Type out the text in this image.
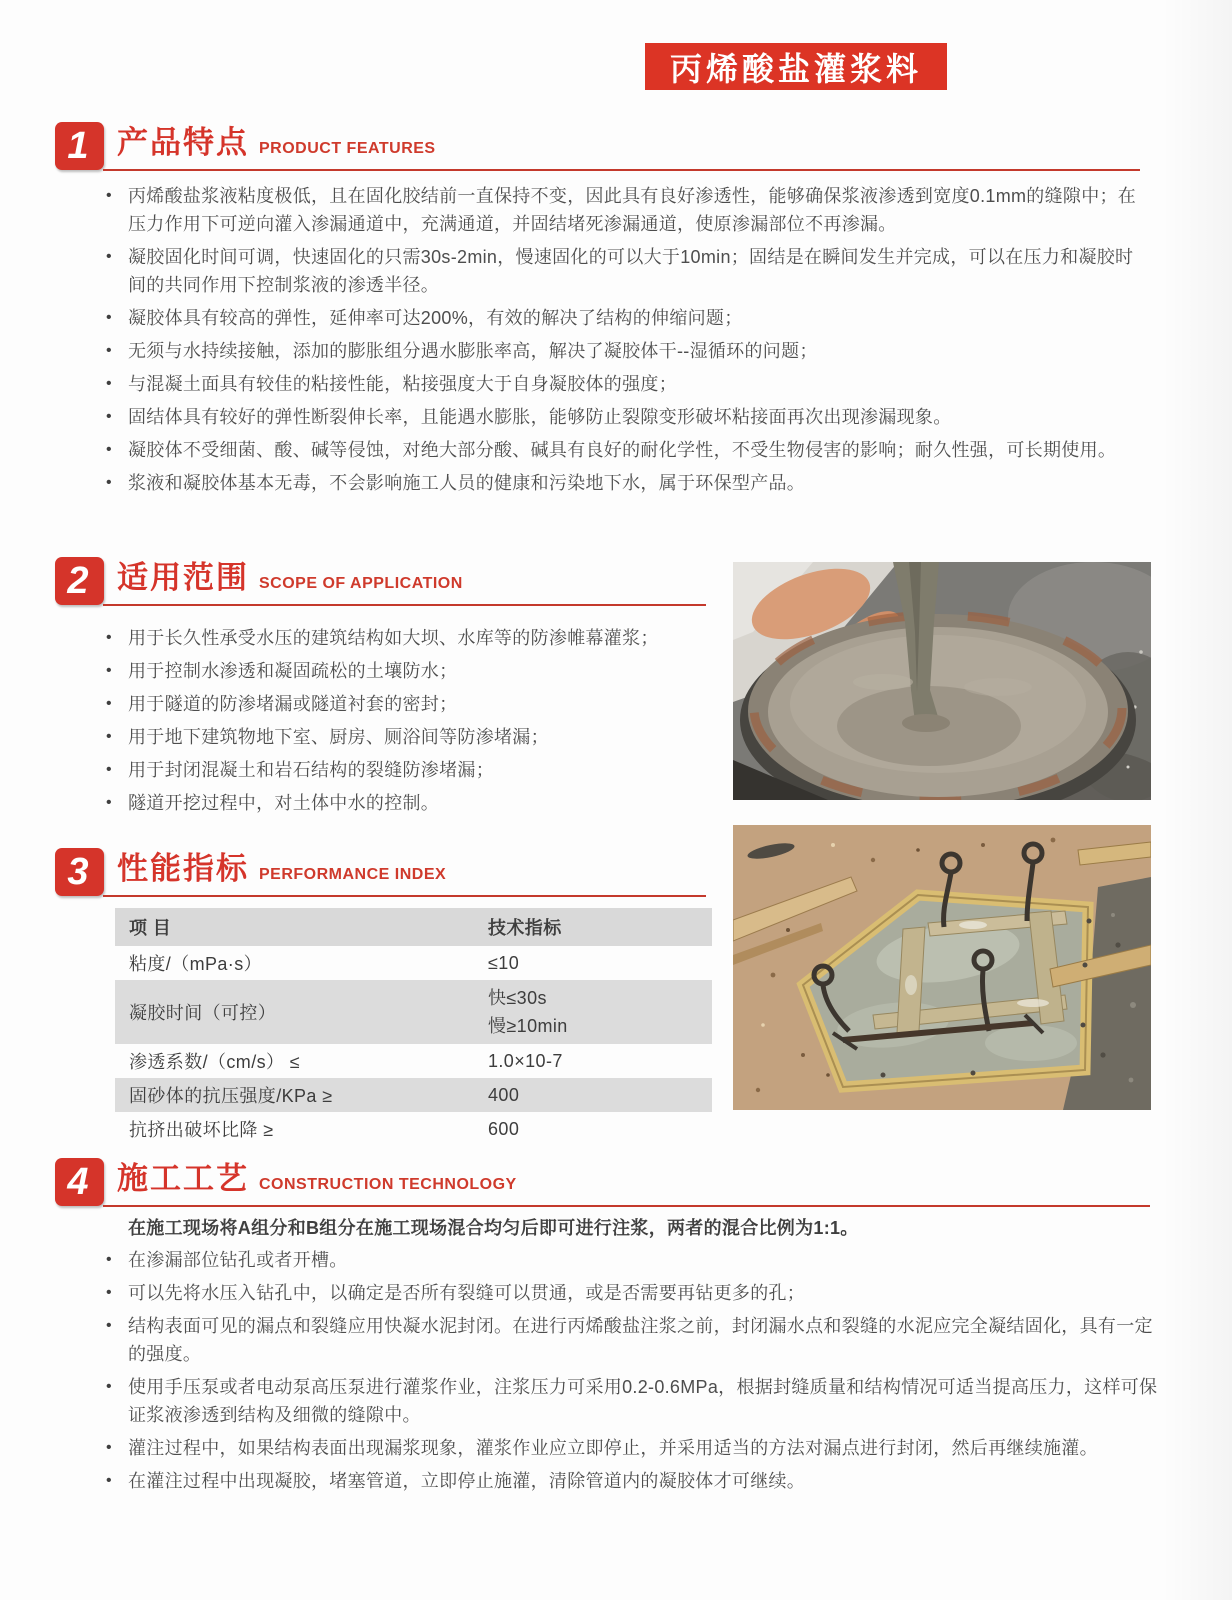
丙烯酸盐灌浆料
1 产品特点 PRODUCT FEATURES
• 丙烯酸盐浆液粘度极低，且在固化胶结前一直保持不变，因此具有良好渗透性，能够确保浆液渗透到宽度0.1mm的缝隙中；在压力作用下可逆向灌入渗漏通道中，充满通道，并固结堵死渗漏通道，使原渗漏部位不再渗漏。
• 凝胶固化时间可调，快速固化的只需30s-2min，慢速固化的可以大于10min；固结是在瞬间发生并完成，可以在压力和凝胶时间的共同作用下控制浆液的渗透半径。
• 凝胶体具有较高的弹性，延伸率可达200%，有效的解决了结构的伸缩问题；
• 无须与水持续接触，添加的膨胀组分遇水膨胀率高，解决了凝胶体干--湿循环的问题；
• 与混凝土面具有较佳的粘接性能，粘接强度大于自身凝胶体的强度；
• 固结体具有较好的弹性断裂伸长率，且能遇水膨胀，能够防止裂隙变形破坏粘接面再次出现渗漏现象。
• 凝胶体不受细菌、酸、碱等侵蚀，对绝大部分酸、碱具有良好的耐化学性，不受生物侵害的影响；耐久性强，可长期使用。
• 浆液和凝胶体基本无毒，不会影响施工人员的健康和污染地下水，属于环保型产品。
2 适用范围 SCOPE OF APPLICATION
• 用于长久性承受水压的建筑结构如大坝、水库等的防渗帷幕灌浆；
• 用于控制水渗透和凝固疏松的土壤防水；
• 用于隧道的防渗堵漏或隧道衬套的密封；
• 用于地下建筑物地下室、厨房、厕浴间等防渗堵漏；
• 用于封闭混凝土和岩石结构的裂缝防渗堵漏；
• 隧道开挖过程中，对土体中水的控制。
3 性能指标 PERFORMANCE INDEX
项 目	技术指标
粘度/（mPa·s）	≤10
凝胶时间（可控）	快≤30s
慢≥10min

渗透系数/（cm/s） ≤	1.0×10-7
固砂体的抗压强度/KPa ≥	400
抗挤出破坏比降 ≥	600
4 施工工艺 CONSTRUCTION TECHNOLOGY
在施工现场将A组分和B组分在施工现场混合均匀后即可进行注浆，两者的混合比例为1:1。
• 在渗漏部位钻孔或者开槽。
• 可以先将水压入钻孔中，以确定是否所有裂缝可以贯通，或是否需要再钻更多的孔；
• 结构表面可见的漏点和裂缝应用快凝水泥封闭。在进行丙烯酸盐注浆之前，封闭漏水点和裂缝的水泥应完全凝结固化，具有一定的强度。
• 使用手压泵或者电动泵高压泵进行灌浆作业，注浆压力可采用0.2-0.6MPa，根据封缝质量和结构情况可适当提高压力，这样可保证浆液渗透到结构及细微的缝隙中。
• 灌注过程中，如果结构表面出现漏浆现象，灌浆作业应立即停止，并采用适当的方法对漏点进行封闭，然后再继续施灌。
• 在灌注过程中出现凝胶，堵塞管道，立即停止施灌，清除管道内的凝胶体才可继续。
